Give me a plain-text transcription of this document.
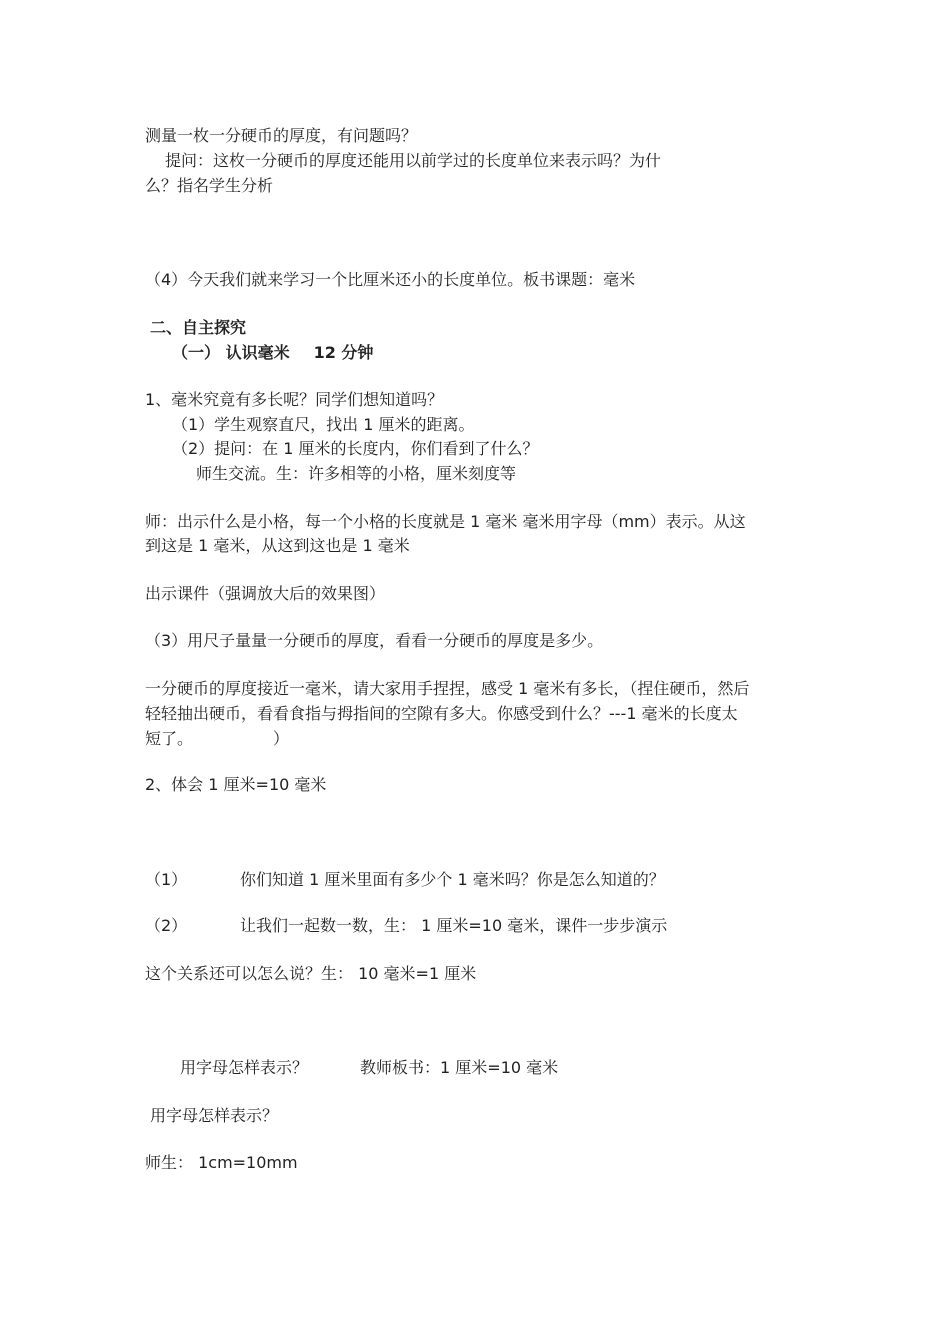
测量一枚一分硬币的厚度，有问题吗？
提问：这枚一分硬币的厚度还能用以前学过的长度单位来表示吗？为什
么？指名学生分析
（4）今天我们就来学习一个比厘米还小的长度单位。板书课题：毫米
二、自主探究
（一） 认识毫米 12 分钟
1、毫米究竟有多长呢？同学们想知道吗？
（1）学生观察直尺，找出 1 厘米的距离。
（2）提问：在 1 厘米的长度内，你们看到了什么？
师生交流。生：许多相等的小格，厘米刻度等
师：出示什么是小格，每一个小格的长度就是 1 毫米 毫米用字母（mm）表示。从这
到这是 1 毫米，从这到这也是 1 毫米
出示课件（强调放大后的效果图）
（3）用尺子量量一分硬币的厚度，看看一分硬币的厚度是多少。
一分硬币的厚度接近一毫米，请大家用手捏捏，感受 1 毫米有多长，（捏住硬币，然后
轻轻抽出硬币，看看食指与拇指间的空隙有多大。你感受到什么？---1 毫米的长度太
短了。	）
2、体会 1 厘米=10 毫米
（1）	你们知道 1 厘米里面有多少个 1 毫米吗？你是怎么知道的？
（2）	让我们一起数一数，生： 1 厘米=10 毫米，课件一步步演示
这个关系还可以怎么说？生： 10 毫米=1 厘米
用字母怎样表示？	教师板书：1 厘米=10 毫米
用字母怎样表示？
师生： 1cm=10mm
